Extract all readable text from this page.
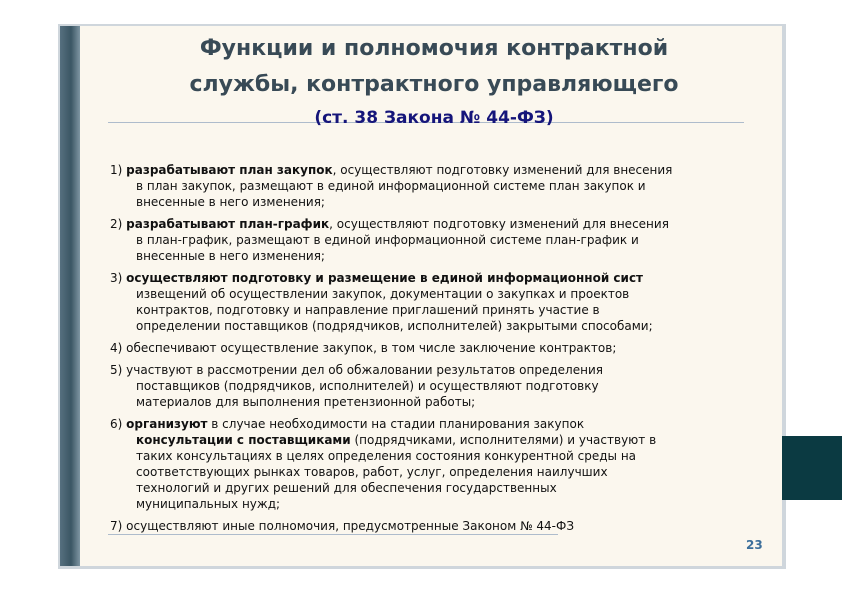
Функции и полномочия контрактной
службы, контрактного управляющего
(ст. 38 Закона № 44-ФЗ)

1) разрабатывают план закупок, осуществляют подготовку изменений для внесения
в план закупок, размещают в единой информационной системе план закупок и
внесенные в него изменения;

2) разрабатывают план-график, осуществляют подготовку изменений для внесения
в план-график, размещают в единой информационной системе план-график и
внесенные в него изменения;

3) осуществляют подготовку и размещение в единой информационной сист
извещений об осуществлении закупок, документации о закупках и проектов
контрактов, подготовку и направление приглашений принять участие в
определении поставщиков (подрядчиков, исполнителей) закрытыми способами;

4) обеспечивают осуществление закупок, в том числе заключение контрактов;

5) участвуют в рассмотрении дел об обжаловании результатов определения
поставщиков (подрядчиков, исполнителей) и осуществляют подготовку
материалов для выполнения претензионной работы;

6) организуют в случае необходимости на стадии планирования закупок
консультации с поставщиками (подрядчиками, исполнителями) и участвуют в
таких консультациях в целях определения состояния конкурентной среды на
соответствующих рынках товаров, работ, услуг, определения наилучших
технологий и других решений для обеспечения государственных
муниципальных нужд;

7) осуществляют иные полномочия, предусмотренные Законом № 44-ФЗ

23
